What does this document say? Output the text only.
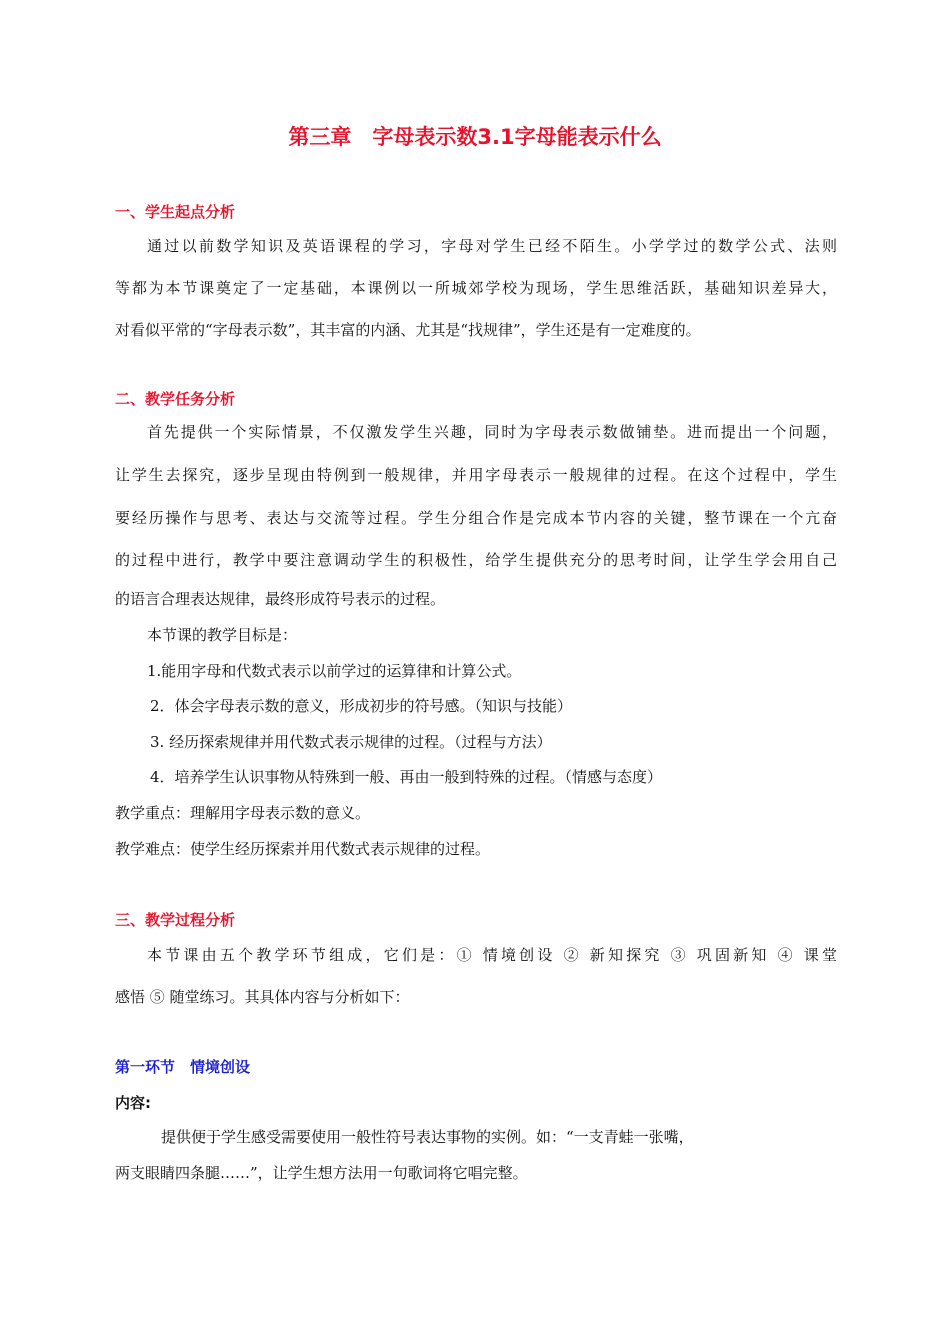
第三章　字母表示数3.1字母能表示什么
一、学生起点分析
通过以前数学知识及英语课程的学习，字母对学生已经不陌生。小学学过的数学公式、法则
等都为本节课奠定了一定基础，本课例以一所城郊学校为现场，学生思维活跃，基础知识差异大，
对看似平常的“字母表示数”，其丰富的内涵、尤其是“找规律”，学生还是有一定难度的。
二、教学任务分析
首先提供一个实际情景，不仅激发学生兴趣，同时为字母表示数做铺垫。进而提出一个问题，
让学生去探究，逐步呈现由特例到一般规律，并用字母表示一般规律的过程。在这个过程中，学生
要经历操作与思考、表达与交流等过程。学生分组合作是完成本节内容的关键，整节课在一个亢奋
的过程中进行，教学中要注意调动学生的积极性，给学生提供充分的思考时间，让学生学会用自己
的语言合理表达规律，最终形成符号表示的过程。
本节课的教学目标是：
1.能用字母和代数式表示以前学过的运算律和计算公式。
2．体会字母表示数的意义，形成初步的符号感。（知识与技能）
3. 经历探索规律并用代数式表示规律的过程。（过程与方法）
4．培养学生认识事物从特殊到一般、再由一般到特殊的过程。（情感与态度）
教学重点：理解用字母表示数的意义。
教学难点：使学生经历探索并用代数式表示规律的过程。
三、教学过程分析
本节课由五个教学环节组成，它们是：① 情境创设 ② 新知探究 ③ 巩固新知 ④ 课堂
感悟 ⑤ 随堂练习。其具体内容与分析如下：
第一环节　情境创设
内容:
提供便于学生感受需要使用一般性符号表达事物的实例。如：“一支青蛙一张嘴，
两支眼睛四条腿……”，让学生想方法用一句歌词将它唱完整。
